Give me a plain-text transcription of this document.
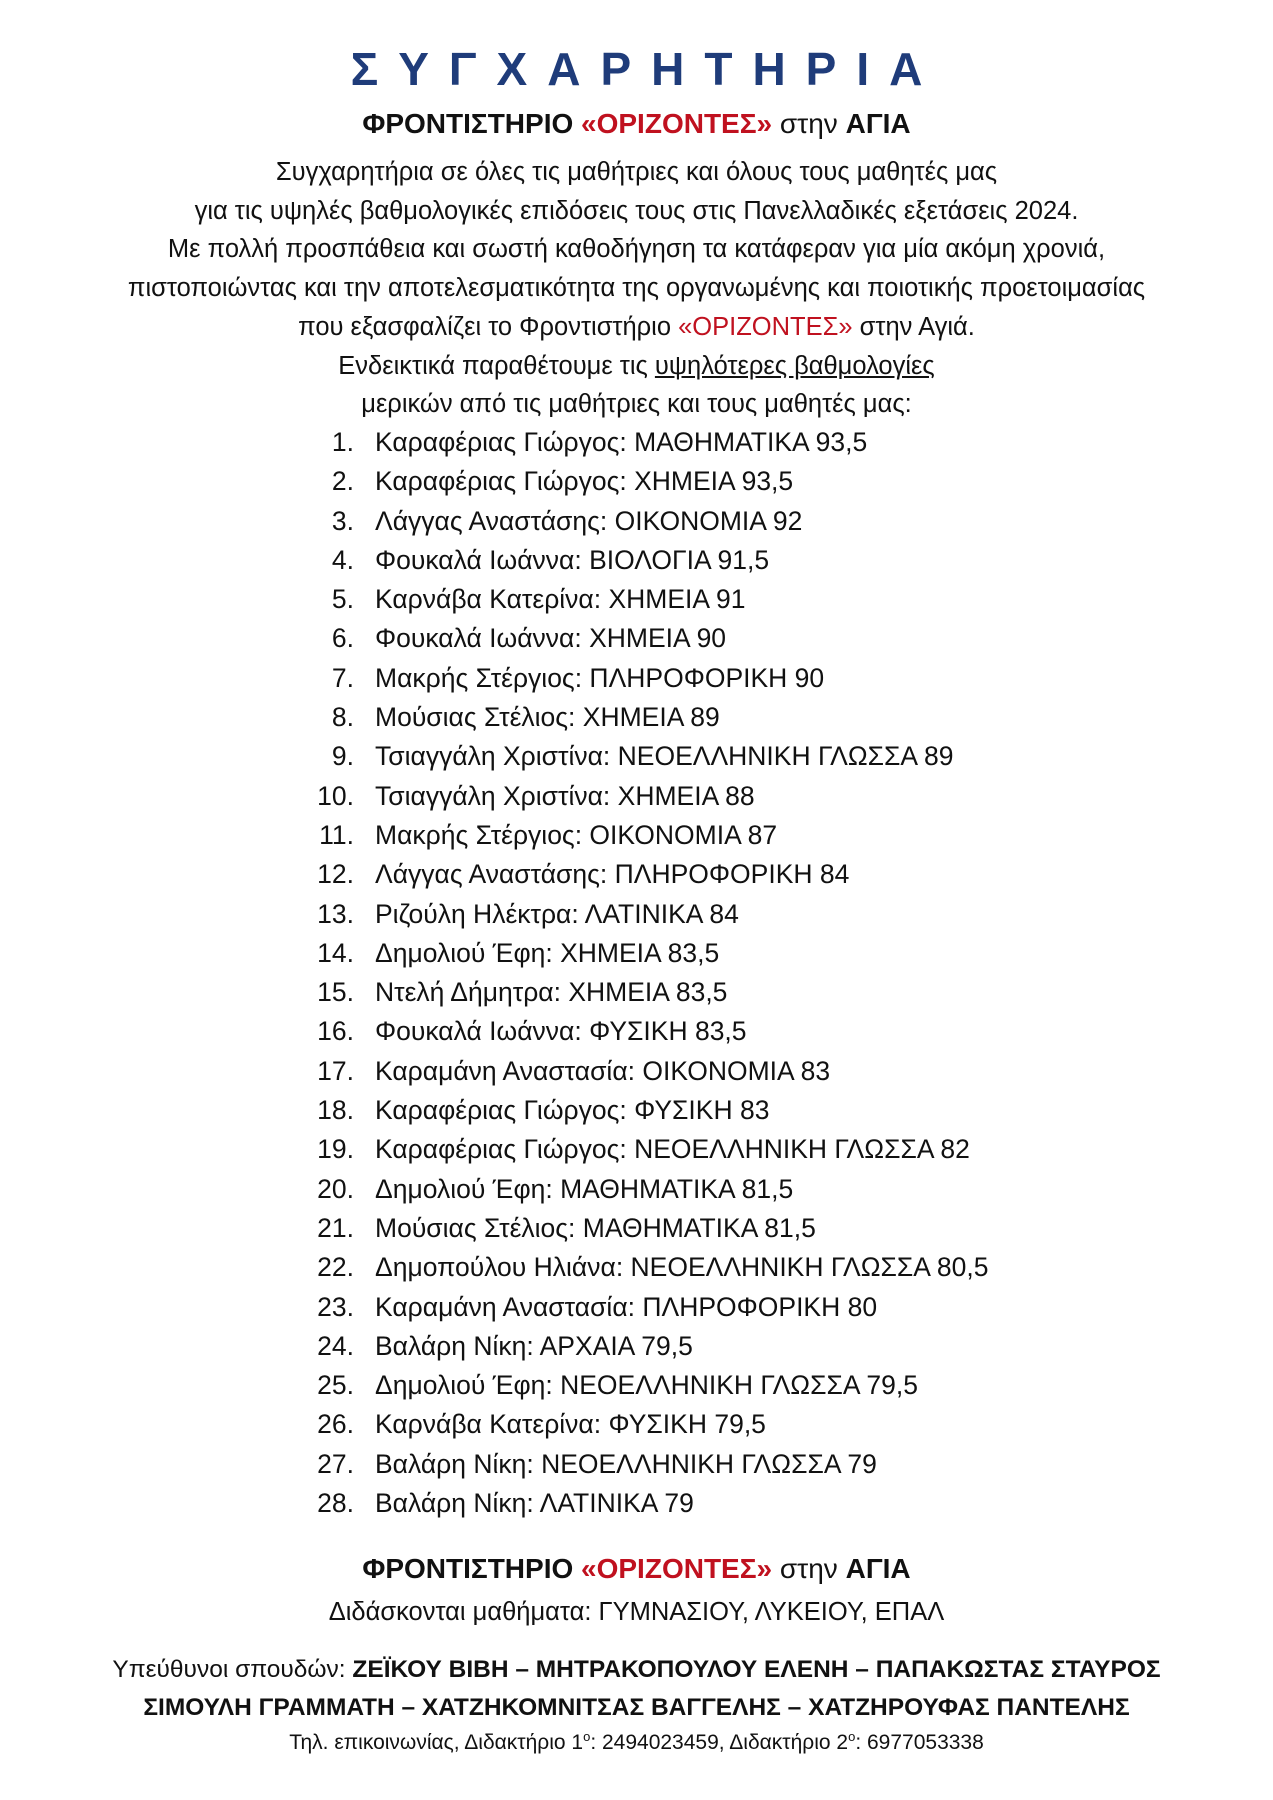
ΣΥΓΧΑΡΗΤΗΡΙΑ
ΦΡΟΝΤΙΣΤΗΡΙΟ «ΟΡΙΖΟΝΤΕΣ» στην ΑΓΙΑ
Συγχαρητήρια σε όλες τις μαθήτριες και όλους τους μαθητές μας
για τις υψηλές βαθμολογικές επιδόσεις τους στις Πανελλαδικές εξετάσεις 2024.
Με πολλή προσπάθεια και σωστή καθοδήγηση τα κατάφεραν για μία ακόμη χρονιά,
πιστοποιώντας και την αποτελεσματικότητα της οργανωμένης και ποιοτικής προετοιμασίας
που εξασφαλίζει το Φροντιστήριο «ΟΡΙΖΟΝΤΕΣ» στην Αγιά.
Ενδεικτικά παραθέτουμε τις υψηλότερες βαθμολογίες
μερικών από τις μαθήτριες και τους μαθητές μας:
1. Καραφέριας Γιώργος: ΜΑΘΗΜΑΤΙΚΑ 93,5
2. Καραφέριας Γιώργος: ΧΗΜΕΙΑ 93,5
3. Λάγγας Αναστάσης: ΟΙΚΟΝΟΜΙΑ 92
4. Φουκαλά Ιωάννα: ΒΙΟΛΟΓΙΑ 91,5
5. Καρνάβα Κατερίνα: ΧΗΜΕΙΑ 91
6. Φουκαλά Ιωάννα: ΧΗΜΕΙΑ 90
7. Μακρής Στέργιος: ΠΛΗΡΟΦΟΡΙΚΗ 90
8. Μούσιας Στέλιος: ΧΗΜΕΙΑ 89
9. Τσιαγγάλη Χριστίνα: ΝΕΟΕΛΛΗΝΙΚΗ ΓΛΩΣΣΑ 89
10. Τσιαγγάλη Χριστίνα: ΧΗΜΕΙΑ 88
11. Μακρής Στέργιος: ΟΙΚΟΝΟΜΙΑ 87
12. Λάγγας Αναστάσης: ΠΛΗΡΟΦΟΡΙΚΗ 84
13. Ριζούλη Ηλέκτρα: ΛΑΤΙΝΙΚΑ 84
14. Δημολιού Έφη: ΧΗΜΕΙΑ 83,5
15. Ντελή Δήμητρα: ΧΗΜΕΙΑ 83,5
16. Φουκαλά Ιωάννα: ΦΥΣΙΚΗ 83,5
17. Καραμάνη Αναστασία: ΟΙΚΟΝΟΜΙΑ 83
18. Καραφέριας Γιώργος: ΦΥΣΙΚΗ 83
19. Καραφέριας Γιώργος: ΝΕΟΕΛΛΗΝΙΚΗ ΓΛΩΣΣΑ 82
20. Δημολιού Έφη: ΜΑΘΗΜΑΤΙΚΑ 81,5
21. Μούσιας Στέλιος: ΜΑΘΗΜΑΤΙΚΑ 81,5
22. Δημοπούλου Ηλιάνα: ΝΕΟΕΛΛΗΝΙΚΗ ΓΛΩΣΣΑ 80,5
23. Καραμάνη Αναστασία: ΠΛΗΡΟΦΟΡΙΚΗ 80
24. Βαλάρη Νίκη: ΑΡΧΑΙΑ 79,5
25. Δημολιού Έφη: ΝΕΟΕΛΛΗΝΙΚΗ ΓΛΩΣΣΑ 79,5
26. Καρνάβα Κατερίνα: ΦΥΣΙΚΗ 79,5
27. Βαλάρη Νίκη: ΝΕΟΕΛΛΗΝΙΚΗ ΓΛΩΣΣΑ 79
28. Βαλάρη Νίκη: ΛΑΤΙΝΙΚΑ 79
ΦΡΟΝΤΙΣΤΗΡΙΟ «ΟΡΙΖΟΝΤΕΣ» στην ΑΓΙΑ
Διδάσκονται μαθήματα: ΓΥΜΝΑΣΙΟΥ, ΛΥΚΕΙΟΥ, ΕΠΑΛ
Υπεύθυνοι σπουδών: ΖΕΪΚΟΥ ΒΙΒΗ – ΜΗΤΡΑΚΟΠΟΥΛΟΥ ΕΛΕΝΗ – ΠΑΠΑΚΩΣΤΑΣ ΣΤΑΥΡΟΣ
ΣΙΜΟΥΛΗ ΓΡΑΜΜΑΤΗ – ΧΑΤΖΗΚΟΜΝΙΤΣΑΣ ΒΑΓΓΕΛΗΣ – ΧΑΤΖΗΡΟΥΦΑΣ ΠΑΝΤΕΛΗΣ
Τηλ. επικοινωνίας, Διδακτήριο $1^o$: 2494023459, Διδακτήριο $2^o$: 6977053338
